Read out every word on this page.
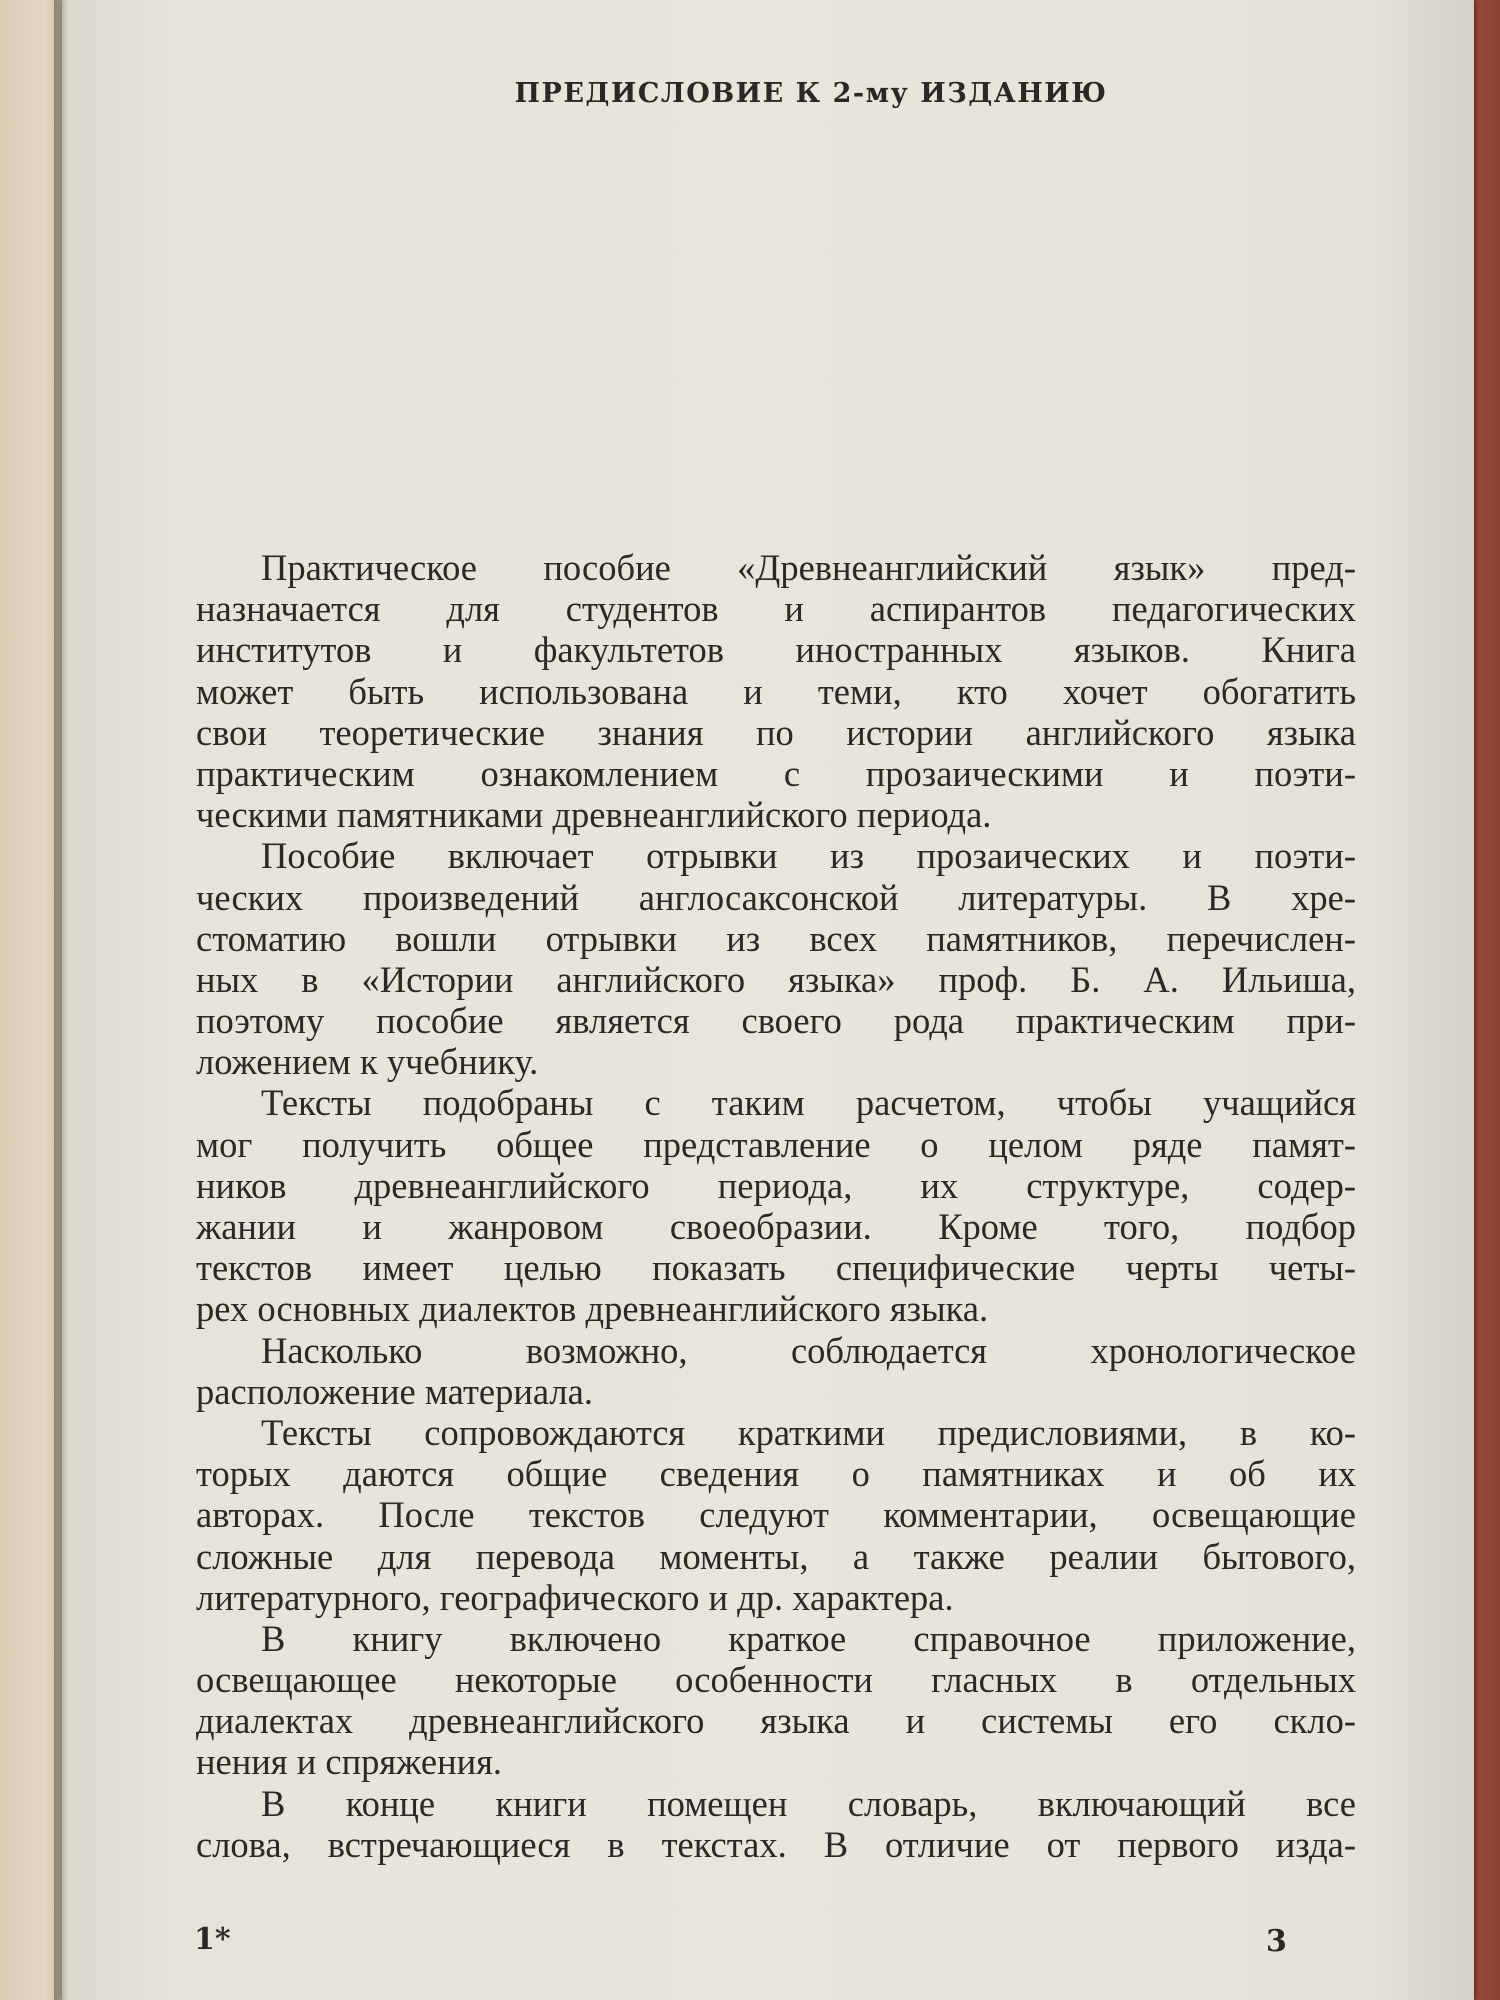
ПРЕДИСЛОВИЕ К 2-му ИЗДАНИЮ
Практическое пособие «Древнеанглийский язык» пред-
назначается для студентов и аспирантов педагогических
институтов и факультетов иностранных языков. Книга
может быть использована и теми, кто хочет обогатить
свои теоретические знания по истории английского языка
практическим ознакомлением с прозаическими и поэти-
ческими памятниками древнеанглийского периода.
Пособие включает отрывки из прозаических и поэти-
ческих произведений англосаксонской литературы. В хре-
стоматию вошли отрывки из всех памятников, перечислен-
ных в «Истории английского языка» проф. Б. А. Ильиша,
поэтому пособие является своего рода практическим при-
ложением к учебнику.
Тексты подобраны с таким расчетом, чтобы учащийся
мог получить общее представление о целом ряде памят-
ников древнеанглийского периода, их структуре, содер-
жании и жанровом своеобразии. Кроме того, подбор
текстов имеет целью показать специфические черты четы-
рех основных диалектов древнеанглийского языка.
Насколько возможно, соблюдается хронологическое
расположение материала.
Тексты сопровождаются краткими предисловиями, в ко-
торых даются общие сведения о памятниках и об их
авторах. После текстов следуют комментарии, освещающие
сложные для перевода моменты, а также реалии бытового,
литературного, географического и др. характера.
В книгу включено краткое справочное приложение,
освещающее некоторые особенности гласных в отдельных
диалектах древнеанглийского языка и системы его скло-
нения и спряжения.
В конце книги помещен словарь, включающий все
слова, встречающиеся в текстах. В отличие от первого изда-
1*	3
